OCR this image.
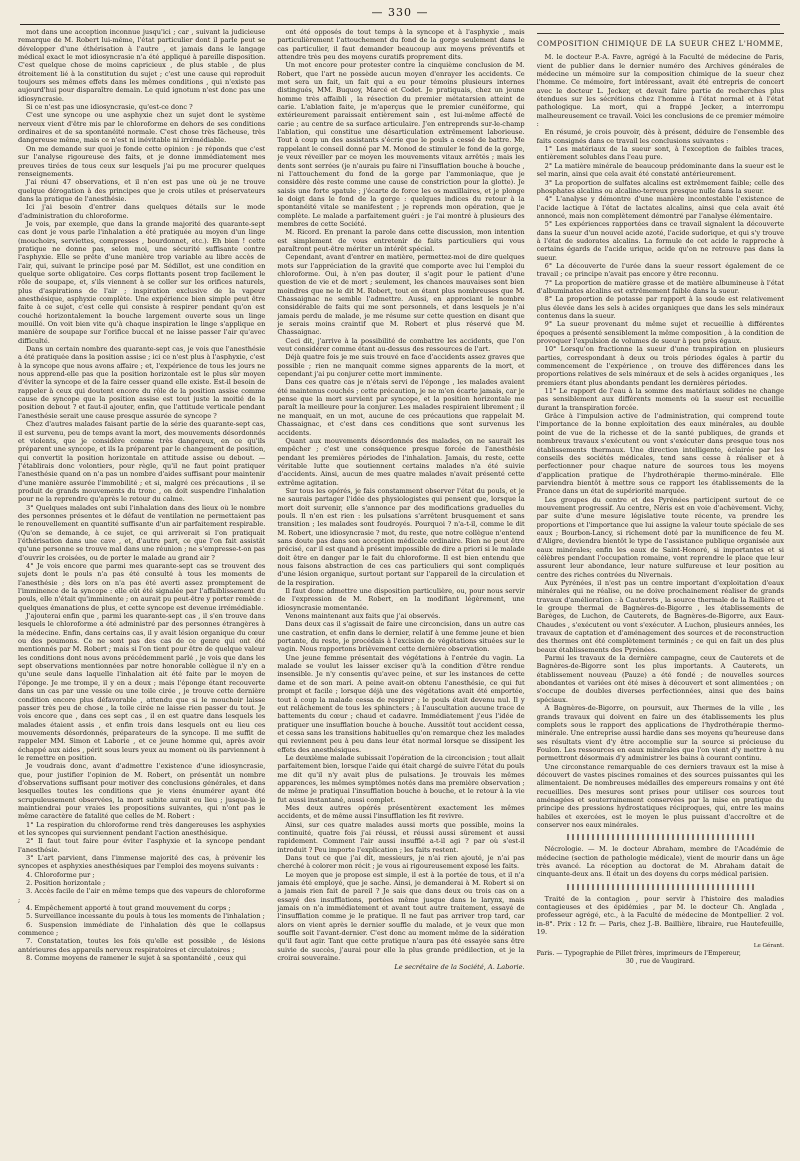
— 330 —

mot dans une acception inconnue jusqu'ici ; car , suivant la judicieuse remarque de M. Robert lui-même, l'état particulier dont il parle peut se développer d'une éthérisation à l'autre , et jamais dans le langage médical exact le mot idiosyncrasie n'a été appliqué à pareille disposition. C'est quelque chose de moins capricieux , de plus stable , de plus étroitement lié à la constitution du sujet ; c'est une cause qui reproduit toujours ses mêmes effets dans les mêmes conditions , qui n'existe pas aujourd'hui pour disparaître demain. Le quid ignotum n'est donc pas une idiosyncrasie.

Si ce n'est pas une idiosyncrasie, qu'est-ce donc ?

C'est une syncope ou une asphyxie chez un sujet dont le système nerveux vient d'être mis par le chloroforme en dehors de ses conditions ordinaires et de sa spontanéité normale. C'est chose très fâcheuse, très dangereuse même, mais ce n'est ni inévitable ni irrémédiable.

On me demande sur quoi je fonde cette opinion : je réponds que c'est sur l'analyse rigoureuse des faits, et je donne immédiatement mes preuves tirées de tous ceux sur lesquels j'ai pu me procurer quelques renseignements.

J'ai réuni 47 observations, et il n'en est pas une où je ne trouve quelque dérogation à des principes que je crois utiles et préservateurs dans la pratique de l'anesthésie.

Ici j'ai besoin d'entrer dans quelques détails sur le mode d'administration du chloroforme.

Je vois, par exemple, que dans la grande majorité des quarante-sept cas dont je vous parle l'inhalation a été pratiquée au moyen d'un linge (mouchoirs, serviettes, compresses , bourdonnet, etc.). Eh bien ! cette pratique ne donne pas, selon moi, une sécurité suffisante contre l'asphyxie. Elle se prête d'une manière trop variable au libre accès de l'air, qui, suivant le principe posé par M. Sédillot, est une condition en quelque sorte obligatoire. Ces corps flottants posent trop facilement le rôle de soupape, et, s'ils viennent à se coller sur les orifices naturels, plus d'aspirations de l'air ; inspiration exclusive de la vapeur anesthésique, asphyxie complète. Une expérience bien simple peut être faite à ce sujet, c'est celle qui consiste à respirer pendant qu'on est couché horizontalement la bouche largement ouverte sous un linge mouillé. On voit bien vite qu'à chaque inspiration le linge s'applique en manière de soupape sur l'orifice buccal et ne laisse passer l'air qu'avec difficulté.

Dans un certain nombre des quarante-sept cas, je vois que l'anesthésie a été pratiquée dans la position assise ; ici ce n'est plus à l'asphyxie, c'est à la syncope que nous avons affaire ; et, l'expérience de tous les jours ne nous apprend-elle pas que la position horizontale est le plus sûr moyen d'éviter la syncope et de la faire cesser quand elle existe. Est-il besoin de rappeler à ceux qui doutent encore du rôle de la position assise comme cause de syncope que la position assise est tout juste la moitié de la position debout ? et faut-il ajouter, enfin, que l'attitude verticale pendant l'anesthésie serait une cause presque assurée de syncope ?

Chez d'autres malades faisant partie de la série des quarante-sept cas, il est survenu, peu de temps avant la mort, des mouvements désordonnés et violents, que je considère comme très dangereux, en ce qu'ils préparent une syncope, et ils la préparent par le changement de position, qui convertit la position horizontale en attitude assise ou debout. — J'établirais donc volontiers, pour règle, qu'il ne faut point pratiquer l'anesthésie quand on n'a pas un nombre d'aides suffisant pour maintenir d'une manière assurée l'immobilité ; et si, malgré ces précautions , il se produit de grands mouvements du tronc , on doit suspendre l'inhalation pour ne la reprendre qu'après le retour du calme.

3° Quelques malades ont subi l'inhalation dans des lieux où le nombre des personnes présentes et le défaut de ventilation ne permettaient pas le renouvellement en quantité suffisante d'un air parfaitement respirable. (Qu'on se demande, à ce sujet, ce qui arriverait si l'on pratiquait l'éthérisation dans une cave , et, d'autre part, ce que l'on fait assistât qu'une personne se trouve mal dans une réunion ; ne s'empresse-t-on pas d'ouvrir les croisées, ou de porter le malade au grand air ?

4° Je vois encore que parmi mes quarante-sept cas se trouvent des sujets dont le pouls n'a pas été consulté à tous les moments de l'anesthésie ; dès lors on n'a pas été averti assez promptement de l'imminence de la syncope : elle eût été signalée par l'affaiblissement du pouls, elle n'était qu'imminente ; on aurait pu peut-être y porter remède : quelques émanations de plus, et cette syncope est devenue irrémédiable.

J'ajouterai enfin que , parmi les quarante-sept cas , il s'en trouve dans lesquels le chloroforme a été administré par des personnes étrangères à la médecine. Enfin, dans certains cas, il y avait lésion organique du cœur ou des poumons. Ce ne sont pas des cas de ce genre qui ont été mentionnés par M. Robert ; mais si l'on tient pour être de quelque valeur les conditions dont nous avons précédemment parlé , je vois que dans les sept observations mentionnées par notre honorable collègue il n'y en a qu'une seule dans laquelle l'inhalation ait été faite par le moyen de l'éponge. Je me trompe, il y en a deux ; mais l'éponge étant recouverte dans un cas par une vessie ou une toile cirée , je trouve cette dernière condition encore plus défavorable , attendu que si le mouchoir laisse passer très peu de chose , la toile cirée ne laisse rien passer du tout. Je vois encore que , dans ces sept cas , il en est quatre dans lesquels les malades étaient assis , et enfin trois dans lesquels ont eu lieu ces mouvements désordonnés, préparateurs de la syncope. Il me suffit de rappeler MM. Simon et Laborie , et ce jeune homme qui, après avoir échappé aux aides , périt sous leurs yeux au moment où ils parviennent à le remettre en position.

Je voudrais donc, avant d'admettre l'existence d'une idiosyncrasie, que, pour justifier l'opinion de M. Robert, on présentât un nombre d'observations suffisant pour motiver des conclusions générales, et dans lesquelles toutes les conditions que je viens énumérer ayant été scrupuleusement observées, la mort subite aurait eu lieu ; jusque-là je maintiendrai pour vraies les propositions suivantes, qui n'ont pas le même caractère de fatalité que celles de M. Robert :

1° La respiration du chloroforme rend très dangereuses les asphyxies et les syncopes qui surviennent pendant l'action anesthésique.

2° Il faut tout faire pour éviter l'asphyxie et la syncope pendant l'anesthésie.

3° L'art parvient, dans l'immense majorité des cas, à prévenir les syncopes et asphyxies anesthésiques par l'emploi des moyens suivants :

4. Chloroforme pur ;

2. Position horizontale ;

3. Accès facile de l'air en même temps que des vapeurs de chloroforme ;

4. Empêchement apporté à tout grand mouvement du corps ;

5. Surveillance incessante du pouls à tous les moments de l'inhalation ;

6. Suspension immédiate de l'inhalation dès que le collapsus commence ;

7. Constatation, toutes les fois qu'elle est possible , de lésions antérieures des appareils nerveux respiratoires et circulatoires ;

8. Comme moyens de ramener le sujet à sa spontanéité , ceux qui

ont été opposés de tout temps à la syncope et à l'asphyxie , mais particulièrement l'attouchement du fond de la gorge seulement dans le cas particulier, il faut demander beaucoup aux moyens préventifs et attendre très peu des moyens curatifs proprement dits.

Un mot encore pour protester contre la cinquième conclusion de M. Robert, que l'art ne possède aucun moyen d'enrayer les accidents. Ce mot sera un fait, un fait qui a eu pour témoins plusieurs internes distingués, MM. Buquoy, Marcé et Codet. Je pratiquais, chez un jeune homme très affaibli , la résection du premier métatarsien atteint de carie. L'ablation faite, je m'aperçus que le premier cunéiforme, qui extérieurement paraissait entièrement sain , est lui-même affecté de carie ; au centre de sa surface articulaire. J'en entreprends sur-le-champ l'ablation, qui constitue une désarticulation extrêmement laborieuse. Tout à coup un des assistants s'écrie que le pouls a cessé de battre. Me rappelant le conseil donné par M. Monod de stimuler le fond de la gorge, je veux réveiller par ce moyen les mouvements vitaux arrêtés ; mais les dents sont serrées (je n'aurais pu faire ni l'insufflation bouche à bouche , ni l'attouchement du fond de la gorge par l'ammoniaque, que je considère dès reste comme une cause de constriction pour la glotte). Je saisis une forte spatule ; j'écarte de force les os maxillaires, et je plonge le doigt dans le fond de la gorge : quelques indices du retour à la spontanéité vitale se manifestent ; je reprends mon opération, que je complète. Le malade a parfaitement guéri : je l'ai montré à plusieurs des membres de cette Société.

M. Ricord. En prenant la parole dans cette discussion, mon intention est simplement de vous entretenir de faits particuliers qui vous paraîtront peut-être mériter un intérêt spécial.

Cependant, avant d'entrer en matière, permettez-moi de dire quelques mots sur l'appréciation de la gravité que comporte avec lui l'emploi du chloroforme. Oui, à n'en pas douter, il s'agit pour le patient d'une question de vie et de mort ; seulement, les chances mauvaises sont bien moindres que ne le dit M. Robert, tout en étant plus nombreuses que M. Chassaignac ne semble l'admettre. Aussi, en approciant le nombre considérable de faits qui me sont personnels, et dans lesquels je n'ai jamais perdu de malade, je me résume sur cette question en disant que je serais moins craintif que M. Robert et plus réservé que M. Chassaignac.

Ceci dit, j'arrive à la possibilité de combattre les accidents, que l'on veut considérer comme étant au-dessus des ressources de l'art.

Déjà quatre fois je me suis trouvé en face d'accidents assez graves que possible ; rien ne manquait comme signes apparents de la mort, et cependant j'ai pu conjurer cette mort imminente.

Dans ces quatre cas je n'étais servi de l'éponge , les malades avaient été maintenus couchés ; cette précaution, je ne m'en écarte jamais, car je pense que la mort survient par syncope, et la position horizontale me paraît la meilleure pour la conjurer. Les malades respiraient librement ; il ne manquait, en un mot, aucune de ces précautions que rappelait M. Chassaignac, et c'est dans ces conditions que sont survenus les accidents.

Quant aux mouvements désordonnés des malades, on ne saurait les empêcher ; c'est une conséquence presque forcée de l'anesthésie pendant les premières périodes de l'inhalation. Jamais, du reste, cette véritable lutte que soutiennent certains malades n'a été suivie d'accidents. Ainsi, aucun de mes quatre malades n'avait présenté cette extrême agitation.

Sur tous les opérés, je fais constamment observer l'état du pouls, et je ne saurais partager l'idée des physiologistes qui pensent que, lorsque la mort doit survenir, elle s'annonce par des modifications graduelles du pouls. Il n'en est rien : les pulsations s'arrêtent brusquement et sans transition ; les malades sont foudroyés. Pourquoi ? n'a-t-il, comme le dit M. Robert, une idiosyncrasie ? mot, du reste, que notre collègue n'entend sans doute pas dans son acception médicale ordinaire. Rien ne peut être précisé, car il est quand à présent impossible de dire a priori si le malade doit être en danger par le fait du chloroforme. Il est bien entendu que nous faisons abstraction de ces cas particuliers qui sont compliqués d'une lésion organique, surtout portant sur l'appareil de la circulation et de la respiration.

Il faut donc admettre une disposition particulière, ou, pour nous servir de l'expression de M. Robert, en la modifiant légèrement, une idiosyncrasie momentanée.

Venons maintenant aux faits que j'ai observés.

Dans deux cas il s'agissait de faire une circoncision, dans un autre cas une castration, et enfin dans le dernier, relatif à une femme jeune et bien portante, du reste, je procédais à l'excision de végétations situées sur le vagin. Nous rapportons brièvement cette dernière observation.

Une jeune femme présentait des végétations à l'entrée du vagin. La malade se voulut les laisser exciser qu'à la condition d'être rendue insensible. Je n'y consentis qu'avec peine, et sur les instances de cette dame et de son mari. A peine avait-on obtenu l'anesthésie, ce qui fut prompt et facile ; lorsque déjà une des végétations avait été emportée, tout à coup la malade cessa de respirer ; le pouls était devenu nul. Il y eut relâchement de tous les sphincters ; à l'auscultation aucune trace de battements du cœur ; chaud et cadavre. Immédiatement j'eus l'idée de pratiquer une insufflation bouche à bouche. Aussitôt tout accident cessa, et cessa sans les transitions habituelles qu'on remarque chez les malades qui reviennent peu à peu dans leur état normal lorsque se dissipent les effets des anesthésiques.

Le deuxième malade subissait l'opération de la circoncision ; tout allait parfaitement bien, lorsque l'aide qui était chargé de suivre l'état du pouls me dit qu'il n'y avait plus de pulsations. Je trouvais les mêmes apparences, les mêmes symptômes notés dans ma première observation ; de même je pratiquai l'insufflation bouche à bouche, et le retour à la vie fut aussi instantané, aussi complet.

Mes deux autres opérés présentèrent exactement les mêmes accidents, et de même aussi l'insufflation les fit revivre.

Ainsi, sur ces quatre malades aussi morts que possible, moins la continuité, quatre fois j'ai réussi, et réussi aussi sûrement et aussi rapidement. Comment l'air aussi insufflé a-t-il agi ? par où s'est-il introduit ? Peu importe l'explication ; les faits restent.

Dans tout ce que j'ai dit, messieurs, je n'ai rien ajouté, je n'ai pas cherché à colorer mon récit ; je vous ai rigoureusement exposé les faits.

Le moyen que je propose est simple, il est à la portée de tous, et il n'a jamais été employé, que je sache. Ainsi, je demanderai à M. Robert si on a jamais rien fait de pareil ? Je sais que dans deux ou trois cas on a essayé des insufflations, portées même jusque dans le larynx, mais jamais on n'a immédiatement et avant tout autre traitement, essayé de l'insufflation comme je le pratique. Il ne faut pas arriver trop tard, car alors on vient après le dernier souffle du malade, et je veux que mon souffle soit l'avant-dernier. C'est donc au moment même de la sidération qu'il faut agir. Tant que cette pratique n'aura pas été essayée sans être suivie de succès, j'aurai pour elle la plus grande prédilection, et je la croirai souveraine.

Le secrétaire de la Société, A. Laborie.

COMPOSITION CHIMIQUE DE LA SUEUR CHEZ L'HOMME,

M. le docteur P.-A. Favre, agrégé à la Faculté de médecine de Paris, vient de publier dans le dernier numéro des Archives générales de médecine un mémoire sur la composition chimique de la sueur chez l'homme. Ce mémoire, fort intéressant, avait été entrepris de concert avec le docteur L. Jecker, et devait faire partie de recherches plus étendues sur les sécrétions chez l'homme à l'état normal et à l'état pathologique. La mort, qui a frappé Jecker, a interrompu malheureusement ce travail. Voici les conclusions de ce premier mémoire :

En résumé, je crois pouvoir, dès à présent, déduire de l'ensemble des faits consignés dans ce travail les conclusions suivantes :

1° Les matériaux de la sueur sont, à l'exception de faibles traces, entièrement solubles dans l'eau pure.

2° La matière minérale de beaucoup prédominante dans la sueur est le sel marin, ainsi que cela avait été constaté antérieurement.

3° La proportion de sulfates alcalins est extrêmement faible; celle des phosphates alcalins ou alcalino-terreux presque nulle dans la sueur.

4° L'analyse y démontre d'une manière incontestable l'existence de l'acide lactique à l'état de lactates alcalins, ainsi que cela avait été annoncé, mais non complètement démontré par l'analyse élémentaire.

5° Les expériences rapportées dans ce travail signalent la découverte dans la sueur d'un nouvel acide azoté, l'acide sudorique, et qui s'y trouve à l'état de sudorates alcalins. La formule de cet acide le rapproche à certains égards de l'acide urique, acide qu'on ne retrouve pas dans la sueur.

6° La découverte de l'urée dans la sueur ressort également de ce travail ; ce principe n'avait pas encore y être reconnu.

7° La proportion de matière grasse et de matière albumineuse à l'état d'albuminates alcalins est extrêmement faible dans la sueur.

8° La proportion de potasse par rapport à la soude est relativement plus élevée dans les sels à acides organiques que dans les sels minéraux contenus dans la sueur.

9° La sueur provenant du même sujet et recueillie à différentes époques a présenté sensiblement la même composition , à la condition de provoquer l'expulsion de volumes de sueur à peu près égaux.

10° Lorsqu'on fractionne la sueur d'une transpiration en plusieurs parties, correspondant à deux ou trois périodes égales à partir du commencement de l'expérience , on trouve des différences dans les proportions relatives de sels minéraux et de sels à acides organiques , les premiers étant plus abondants pendant les dernières périodes.

11° Le rapport de l'eau à la somme des matériaux solides ne change pas sensiblement aux différents moments où la sueur est recueillie durant la transpiration forcée.

Grâce à l'impulsion active de l'administration, qui comprend toute l'importance de la bonne exploitation des eaux minérales, au double point de vue de la richesse et de la santé publiques, de grands et nombreux travaux s'exécutent ou vont s'exécuter dans presque tous nos établissements thermaux. Une direction intelligente, éclairée par les conseils des sociétés médicales, tend sans cesse à réaliser et à perfectionner pour chaque nature de sources tous les moyens d'application pratique de l'hydrothérapie thermo-minérale. Elle parviendra bientôt à mettre sous ce rapport les établissements de la France dans un état de supériorité marquée.

Les groupes du centre et des Pyrénées participent surtout de ce mouvement progressif. Au centre, Néris est en voie d'achèvement. Vichy, par suite d'une mesure législative toute récente, va prendre les proportions et l'importance que lui assigne la valeur toute spéciale de ses eaux ; Bourbon-Lancy, si richement doté par la munificence de feu M. d'Aligre, deviendra bientôt le type de l'assistance publique organisée aux eaux minérales; enfin les eaux de Saint-Honoré, si importantes et si célèbres pendant l'occupation romaine, vont reprendre le place que leur assurent leur abondance, leur nature sulfureuse et leur position au centre des riches contrées du Nivernais.

Aux Pyrénées, il n'est pas un centre important d'exploitation d'eaux minérales qui ne réalise, ou ne doive prochainement réaliser de grands travaux d'amélioration : à Cauterets , la source thermale de la Raillère et le groupe thermal de Bagnères-de-Bigorre , les établissements de Barèges, de Luchon, de Cauterets, de Bagnères-de-Bigorre, aux Eaux-Chaudes , s'exécutent ou vont s'exécuter. A Luchon, plusieurs années, les travaux de captation et d'aménagement des sources et de reconstruction des thermes ont été complètement terminés ; ce qui en fait un des plus beaux établissements des Pyrénées.

Parmi les travaux de la dernière campagne, ceux de Cauterets et de Bagnères-de-Bigorre sont les plus importants. A Cauterets, un établissement nouveau (Pauze) a été fondé ; de nouvelles sources abondantes et variées ont été mises à découvert et sont alimentées ; on s'occupe de doubles diverses perfectionnées, ainsi que des bains spéciaux.

A Bagnères-de-Bigorre, on poursuit, aux Thermes de la ville , les grands travaux qui doivent en faire un des établissements les plus complets sous le rapport des applications de l'hydrothérapie thermo-minérale. Une entreprise aussi hardie dans ses moyens qu'heureuse dans ses résultats vient d'y être accomplie sur la source si précieuse du Foulon. Les ressources en eaux minérales que l'on vient d'y mettre à nu permettront désormais d'y administrer les bains à courant continu.

Une circonstance remarquable de ces derniers travaux est la mise à découvert de vastes piscines romaines et des sources puissantes qui les alimentaient. De nombreuses médailles des empereurs romains y ont été recueillies. Des mesures sont prises pour utiliser ces sources tout aménagées et souterrainement conservées par la mise en pratique du principe des pressions hydrostatiques réciproques, qui, entre les mains habiles et exercées, est le moyen le plus puissant d'accroître et de conserver nos eaux minérales.

Nécrologie. — M. le docteur Abraham, membre de l'Académie de médecine (section de pathologie médicale), vient de mourir dans un âge très avancé. La réception au doctorat de M. Abraham datait de cinquante-deux ans. Il était un des doyens du corps médical parisien.

Traité de la contagion , pour servir à l'histoire des maladies contagieuses et des épidémies , par M. le docteur Ch. Anglada , professeur agrégé, etc., à la Faculté de médecine de Montpellier. 2 vol. in-8°. Prix : 12 fr. — Paris, chez J.-B. Baillière, libraire, rue Hautefeuille, 19.

Le Gérant.
Paris. — Typographie de Pillet frères, imprimeurs de l'Empereur,
30 , rue de Vaugirard.
